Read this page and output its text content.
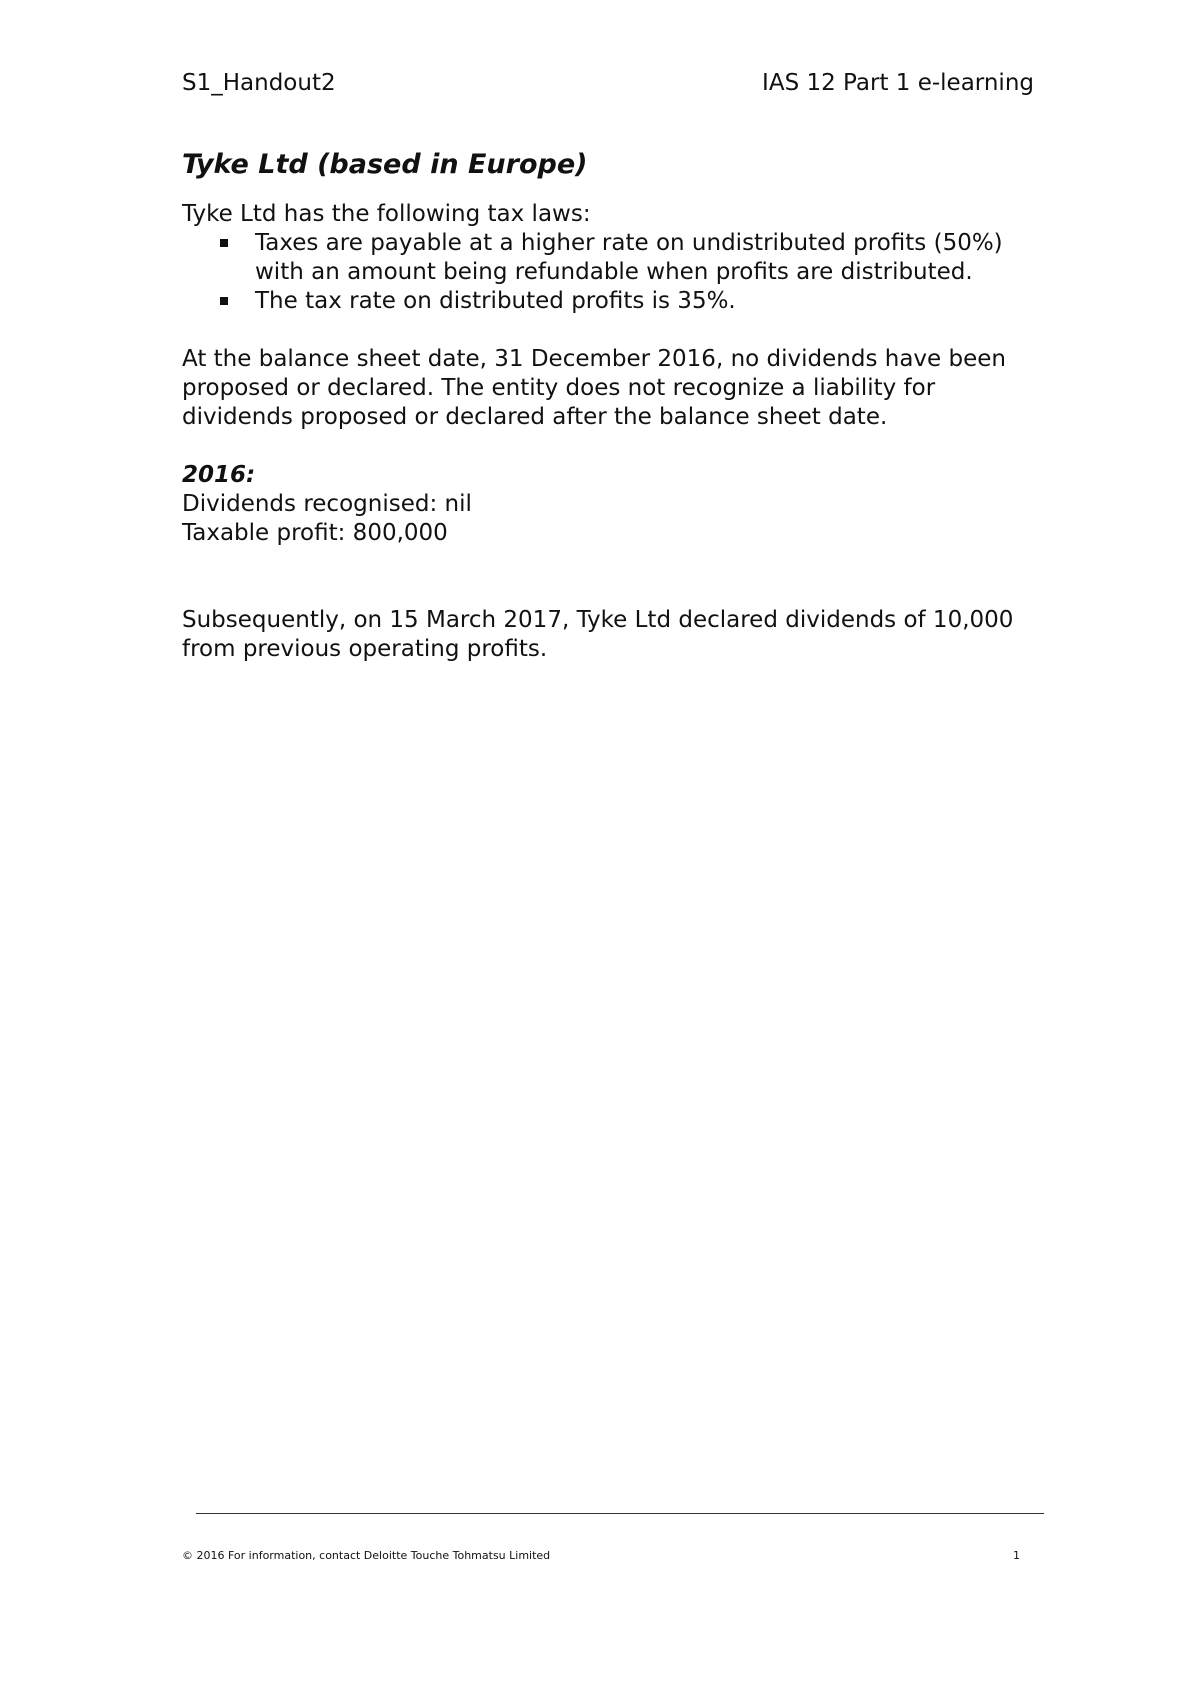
S1_Handout2	IAS 12 Part 1 e-learning

Tyke Ltd (based in Europe)

Tyke Ltd has the following tax laws:

Taxes are payable at a higher rate on undistributed profits (50%) with an amount being refundable when profits are distributed.
The tax rate on distributed profits is 35%.

At the balance sheet date, 31 December 2016, no dividends have been proposed or declared. The entity does not recognize a liability for dividends proposed or declared after the balance sheet date.

2016:

Dividends recognised: nil

Taxable profit: 800,000

Subsequently, on 15 March 2017, Tyke Ltd declared dividends of 10,000 from previous operating profits.

© 2016 For information, contact Deloitte Touche Tohmatsu Limited	1
